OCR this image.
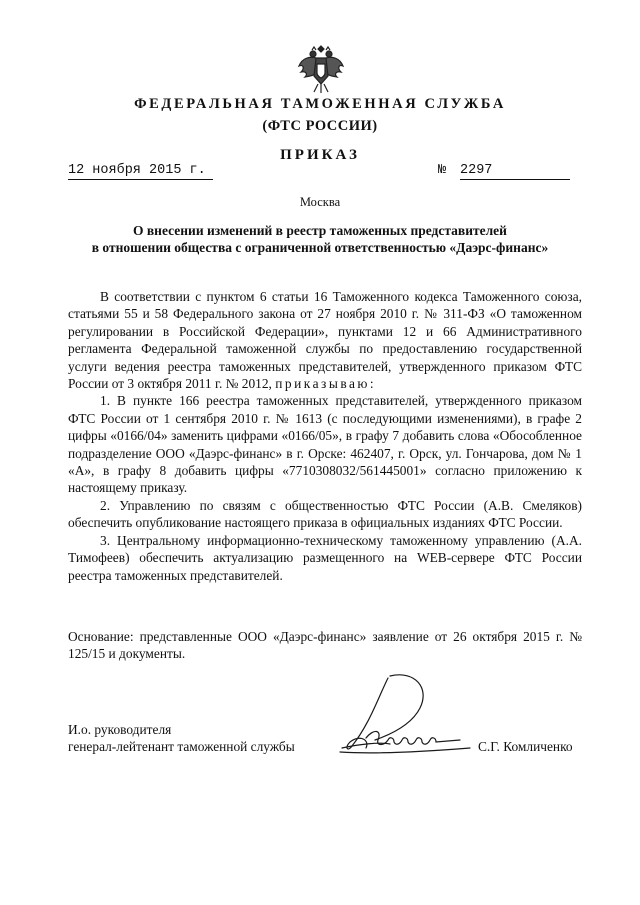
ФЕДЕРАЛЬНАЯ ТАМОЖЕННАЯ СЛУЖБА
(ФТС РОССИИ)
ПРИКАЗ
12 ноября 2015 г.	№ 2297
Москва
О внесении изменений в реестр таможенных представителей
в отношении общества с ограниченной ответственностью «Даэрс-финанс»

В соответствии с пунктом 6 статьи 16 Таможенного кодекса Таможенного союза, статьями 55 и 58 Федерального закона от 27 ноября 2010 г. № 311-ФЗ «О таможенном регулировании в Российской Федерации», пунктами 12 и 66 Административного регламента Федеральной таможенной службы по предоставлению государственной услуги ведения реестра таможенных представителей, утвержденного приказом ФТС России от 3 октября 2011 г. № 2012, приказываю:

1. В пункте 166 реестра таможенных представителей, утвержденного приказом ФТС России от 1 сентября 2010 г. № 1613 (с последующими изменениями), в графе 2 цифры «0166/04» заменить цифрами «0166/05», в графу 7 добавить слова «Обособленное подразделение ООО «Даэрс-финанс» в г. Орске: 462407, г. Орск, ул. Гончарова, дом № 1 «А», в графу 8 добавить цифры «7710308032/561445001» согласно приложению к настоящему приказу.

2. Управлению по связям с общественностью ФТС России (А.В. Смеляков) обеспечить опубликование настоящего приказа в официальных изданиях ФТС России.

3. Центральному информационно-техническому таможенному управлению (А.А. Тимофеев) обеспечить актуализацию размещенного на WEB-сервере ФТС России реестра таможенных представителей.

Основание: представленные ООО «Даэрс-финанс» заявление от 26 октября 2015 г. № 125/15 и документы.

И.о. руководителя
генерал-лейтенант таможенной службы	С.Г. Комличенко
